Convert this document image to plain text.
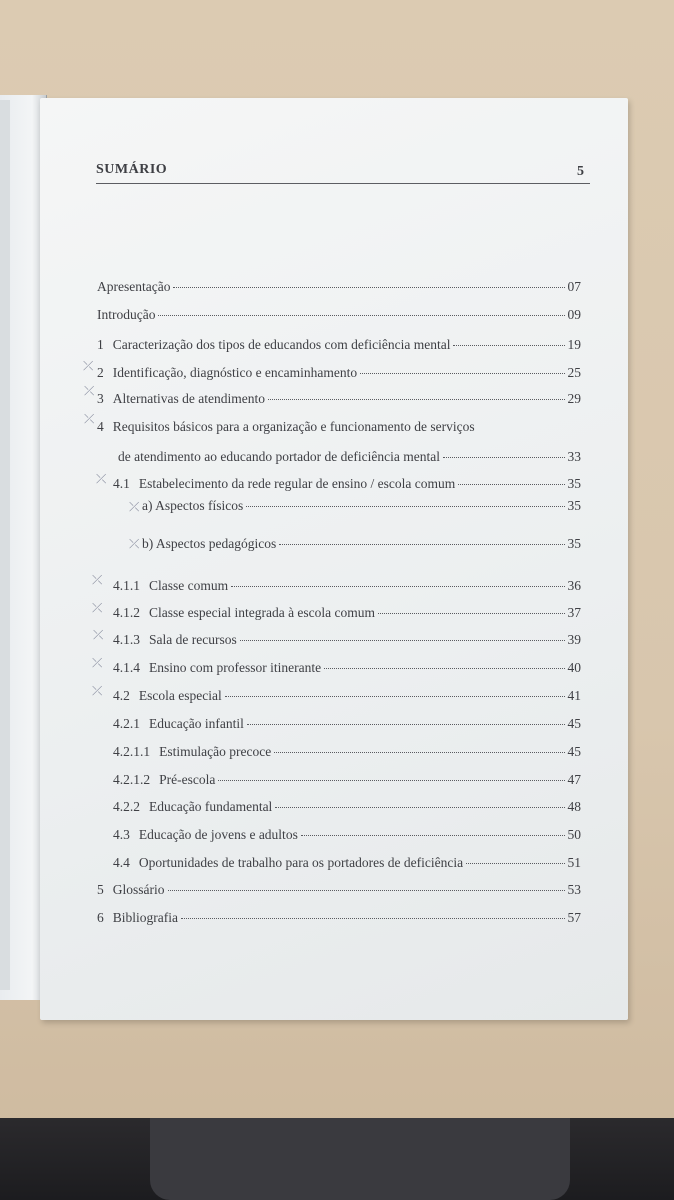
SUMÁRIO	5
Apresentação	07
Introdução	09
1 Caracterização dos tipos de educandos com deficiência mental	19
⤫ 2 Identificação, diagnóstico e encaminhamento	25
⤫ 3 Alternativas de atendimento	29
⤫ 4 Requisitos básicos para a organização e funcionamento de serviços
de atendimento ao educando portador de deficiência mental	33
⤫ 4.1 Estabelecimento da rede regular de ensino / escola comum	35
⤫ a) Aspectos físicos	35
⤫ b) Aspectos pedagógicos	35
⤫ 4.1.1 Classe comum	36
⤫ 4.1.2 Classe especial integrada à escola comum	37
⤫ 4.1.3 Sala de recursos	39
⤫ 4.1.4 Ensino com professor itinerante	40
⤫ 4.2 Escola especial	41
4.2.1 Educação infantil	45
4.2.1.1 Estimulação precoce	45
4.2.1.2 Pré-escola	47
4.2.2 Educação fundamental	48
4.3 Educação de jovens e adultos	50
4.4 Oportunidades de trabalho para os portadores de deficiência	51
5 Glossário	53
6 Bibliografia	57
